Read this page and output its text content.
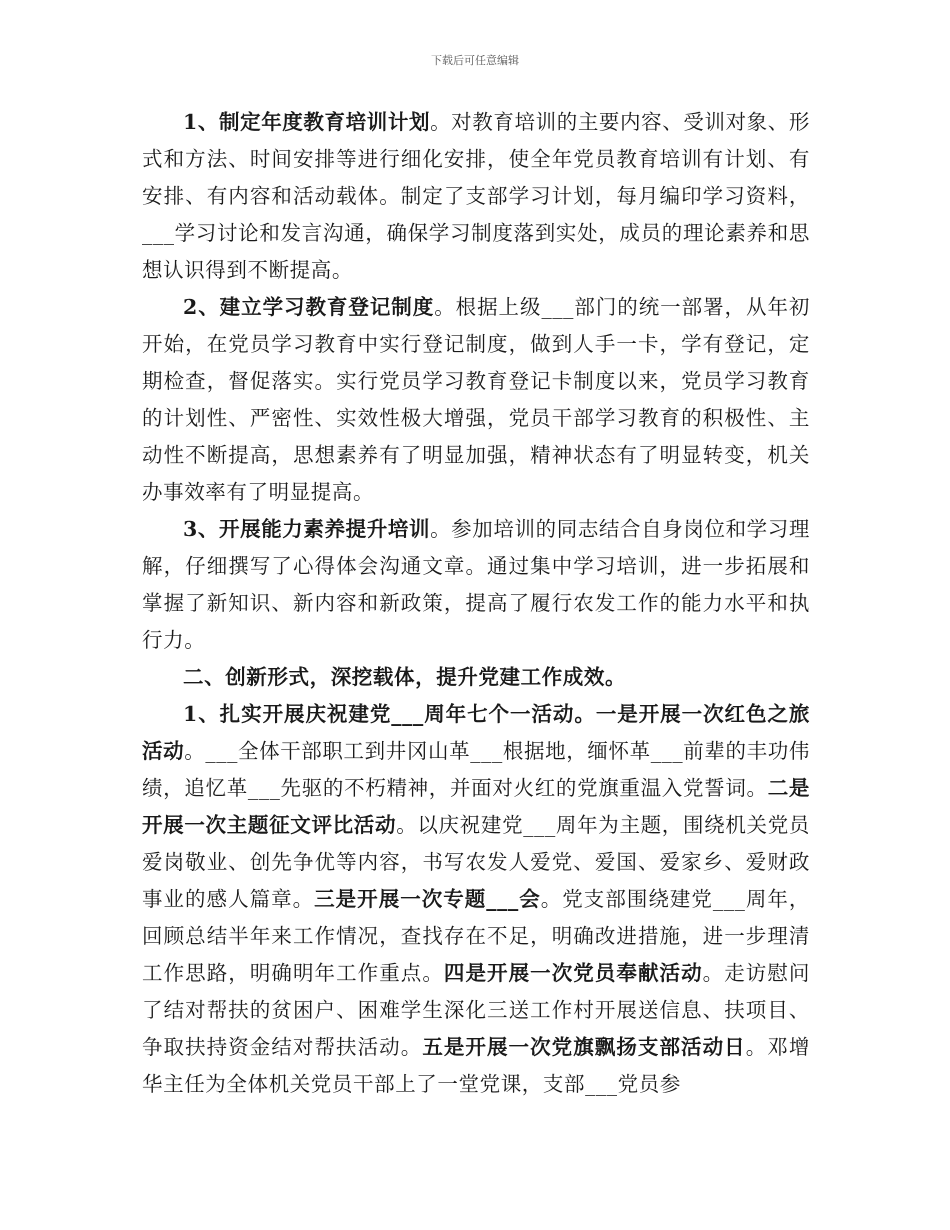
下载后可任意编辑

1、制定年度教育培训计划。对教育培训的主要内容、受训对象、形式和方法、时间安排等进行细化安排，使全年党员教育培训有计划、有安排、有内容和活动载体。制定了支部学习计划，每月编印学习资料，___学习讨论和发言沟通，确保学习制度落到实处，成员的理论素养和思想认识得到不断提高。

2、建立学习教育登记制度。根据上级___部门的统一部署，从年初开始，在党员学习教育中实行登记制度，做到人手一卡，学有登记，定期检查，督促落实。实行党员学习教育登记卡制度以来，党员学习教育的计划性、严密性、实效性极大增强，党员干部学习教育的积极性、主动性不断提高，思想素养有了明显加强，精神状态有了明显转变，机关办事效率有了明显提高。

3、开展能力素养提升培训。参加培训的同志结合自身岗位和学习理解，仔细撰写了心得体会沟通文章。通过集中学习培训，进一步拓展和掌握了新知识、新内容和新政策，提高了履行农发工作的能力水平和执行力。

二、创新形式，深挖载体，提升党建工作成效。

1、扎实开展庆祝建党___周年七个一活动。一是开展一次红色之旅活动。___全体干部职工到井冈山革___根据地，缅怀革___前辈的丰功伟绩，追忆革___先驱的不朽精神，并面对火红的党旗重温入党誓词。二是开展一次主题征文评比活动。以庆祝建党___周年为主题，围绕机关党员爱岗敬业、创先争优等内容，书写农发人爱党、爱国、爱家乡、爱财政事业的感人篇章。三是开展一次专题___会。党支部围绕建党___周年，回顾总结半年来工作情况，查找存在不足，明确改进措施，进一步理清工作思路，明确明年工作重点。四是开展一次党员奉献活动。走访慰问了结对帮扶的贫困户、困难学生深化三送工作村开展送信息、扶项目、争取扶持资金结对帮扶活动。五是开展一次党旗飘扬支部活动日。邓增华主任为全体机关党员干部上了一堂党课，支部___党员参
